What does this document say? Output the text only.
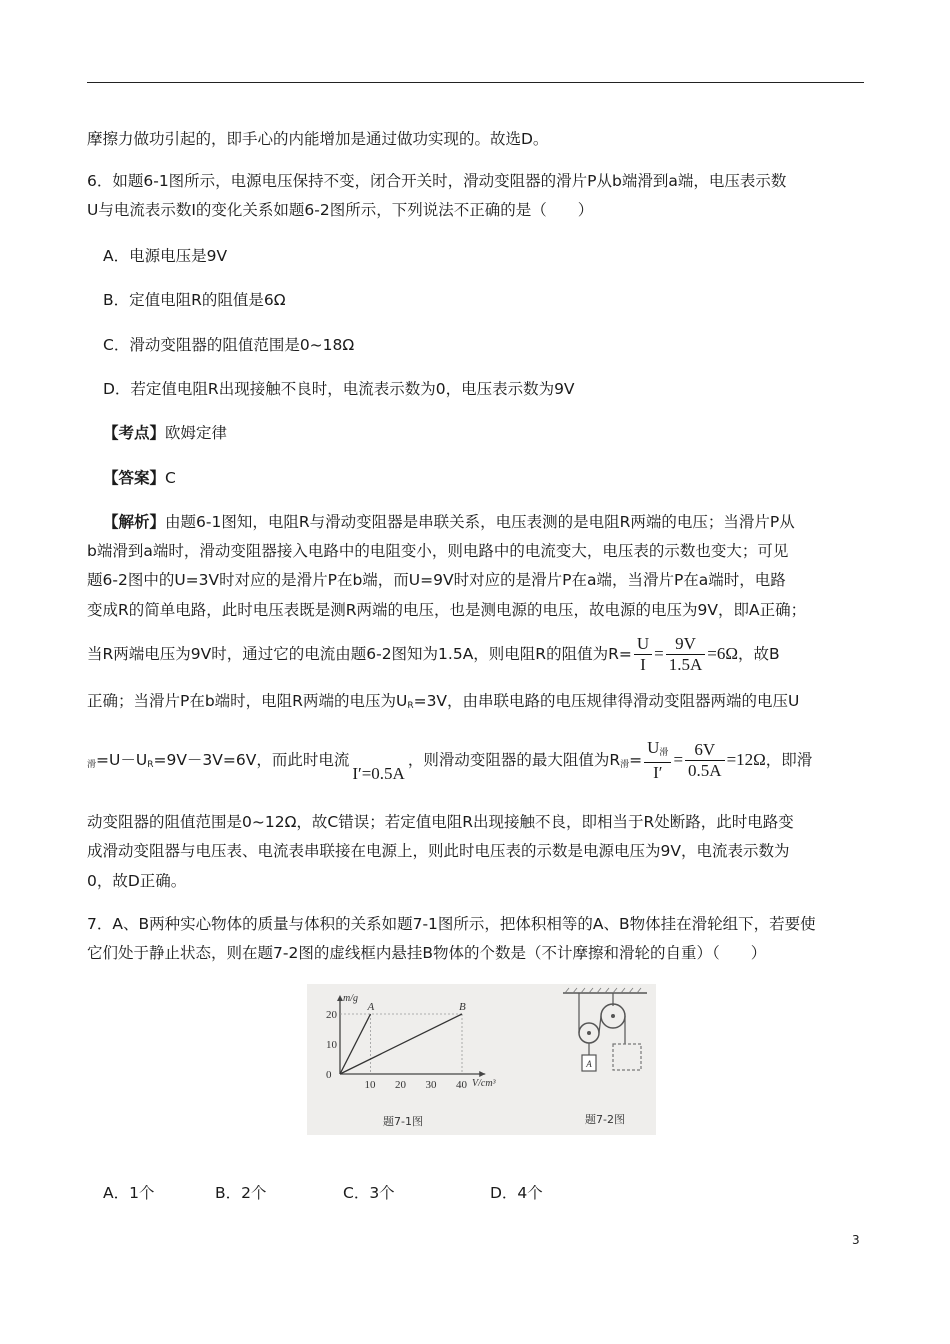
摩擦力做功引起的，即手心的内能增加是通过做功实现的。故选D。
6．如题6-1图所示，电源电压保持不变，闭合开关时，滑动变阻器的滑片P从b端滑到a端，电压表示数
U与电流表示数I的变化关系如题6-2图所示，下列说法不正确的是（　　）
A．电源电压是9V
B．定值电阻R的阻值是6Ω
C．滑动变阻器的阻值范围是0~18Ω
D．若定值电阻R出现接触不良时，电流表示数为0，电压表示数为9V
【考点】欧姆定律
【答案】C
【解析】由题6-1图知，电阻R与滑动变阻器是串联关系，电压表测的是电阻R两端的电压；当滑片P从
b端滑到a端时，滑动变阻器接入电路中的电阻变小，则电路中的电流变大，电压表的示数也变大；可见
题6-2图中的U=3V时对应的是滑片P在b端，而U=9V时对应的是滑片P在a端，当滑片P在a端时，电路
变成R的简单电路，此时电压表既是测R两端的电压，也是测电源的电压，故电源的电压为9V，即A正确；
当R两端电压为9V时，通过它的电流由题6-2图知为1.5A，则电阻R的阻值为$R= \frac{U}{I} = \frac{9V}{1.5A} =6\Omega$，故B
正确；当滑片P在b端时，电阻R两端的电压为$U_R=3V$，由串联电路的电压规律得滑动变阻器两端的电压U
$_滑=U-U_R=9V-3V=6V$，而此时电流I′=0.5A，则滑动变阻器的最大阻值为$R_滑= \frac{U_滑}{I'} = \frac{6V}{0.5A} =12\Omega$，即滑
动变阻器的阻值范围是0~12Ω，故C错误；若定值电阻R出现接触不良，即相当于R处断路，此时电路变
成滑动变阻器与电压表、电流表串联接在电源上，则此时电压表的示数是电源电压为9V，电流表示数为
0，故D正确。
7．A、B两种实心物体的质量与体积的关系如题7-1图所示，把体积相等的A、B物体挂在滑轮组下，若要使
它们处于静止状态，则在题7-2图的虚线框内悬挂B物体的个数是（不计摩擦和滑轮的自重）（　　）
20
10
0
10 20 30 40
m/g
V/cm³
A	B
题7-1图
A
题7-2图
A．1个	B．2个	C．3个	D．4个
3
